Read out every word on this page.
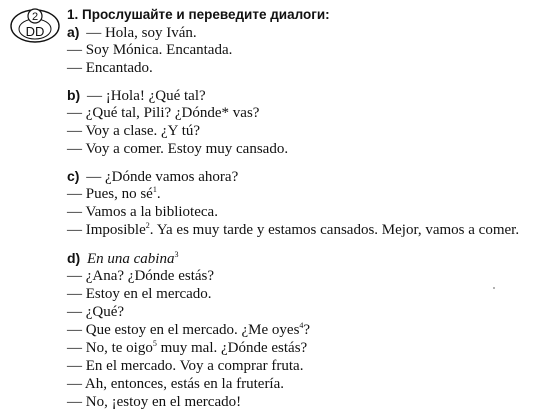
2
DD
1. Прослушайте и переведите диалоги:
a) — Hola, soy Iván.
— Soy Mónica. Encantada.
— Encantado.
b) — ¡Hola! ¿Qué tal?
— ¿Qué tal, Pili? ¿Dónde* vas?
— Voy a clase. ¿Y tú?
— Voy a comer. Estoy muy cansado.
c) — ¿Dónde vamos ahora?
— Pues, no $sé^1$.
— Vamos a la biblioteca.
— Imposible$^2$. Ya es muy tarde y estamos cansados. Mejor, vamos a comer.
d) En una cabina$^3$
— ¿Ana? ¿Dónde estás?
— Estoy en el mercado.
— ¿Qué?
— Que estoy en el mercado. ¿Me oyes$^4$?
— No, te oigo$^5$ muy mal. ¿Dónde estás?
— En el mercado. Voy a comprar fruta.
— Ah, entonces, estás en la frutería.
— No, ¡estoy en el mercado!
